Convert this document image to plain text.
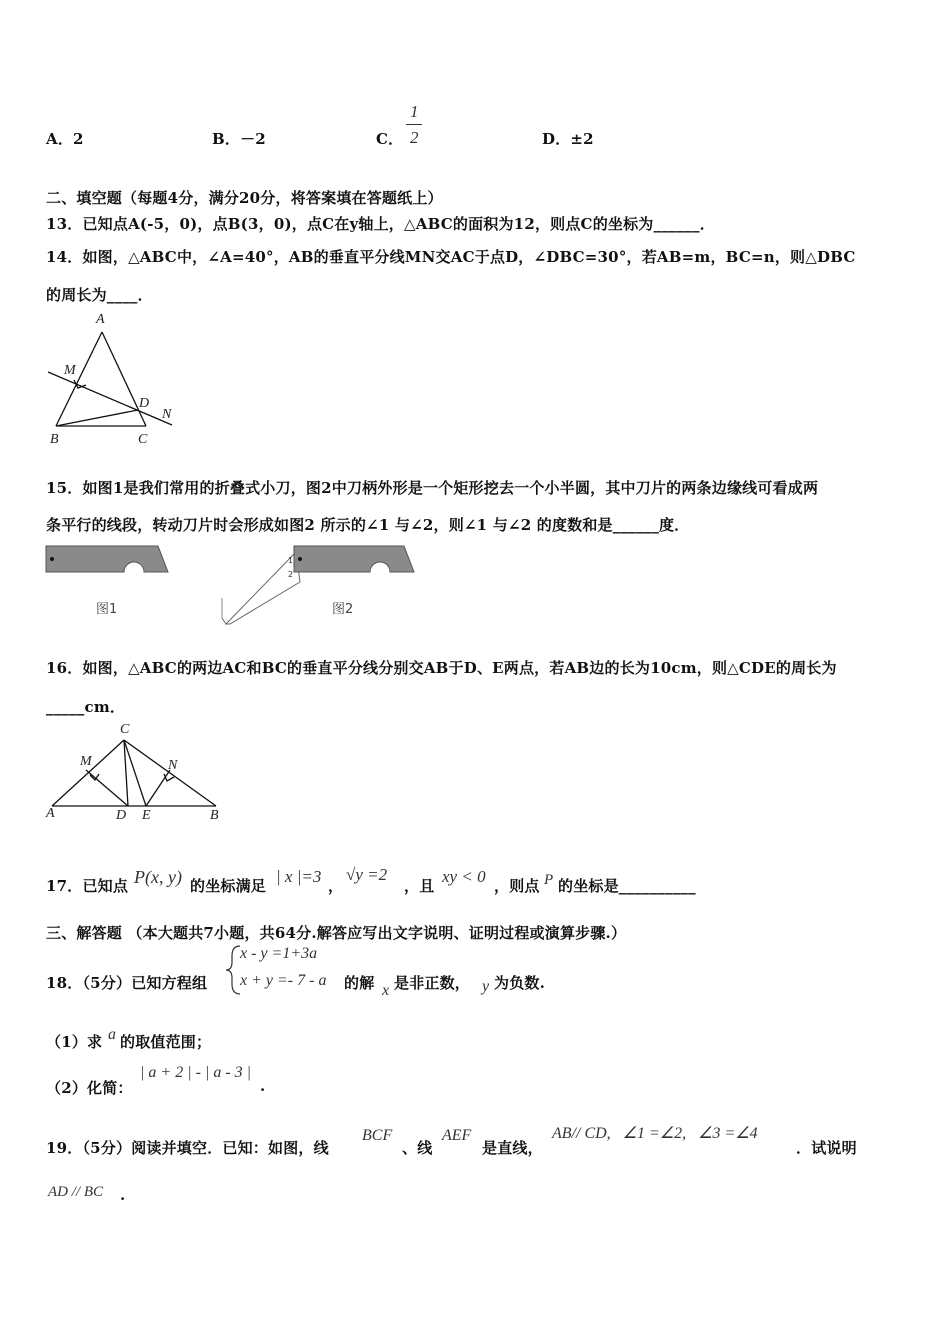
A．2	B．－2	C．
1
2	D．±2
二、填空题（每题4分，满分20分，将答案填在答题纸上）
13．已知点A(-5，0)，点B(3，0)，点C在y轴上，△ABC的面积为12，则点C的坐标为______．
14．如图，△ABC中，∠A=40°，AB的垂直平分线MN交AC于点D，∠DBC=30°，若AB=m，BC=n，则△DBC
的周长为____．
A
M
D
N
B	C
15．如图1是我们常用的折叠式小刀，图2中刀柄外形是一个矩形挖去一个小半圆，其中刀片的两条边缘线可看成两
条平行的线段，转动刀片时会形成如图2 所示的∠1 与∠2，则∠1 与∠2 的度数和是______度．
图1	图2
1
2
16．如图，△ABC的两边AC和BC的垂直平分线分别交AB于D、E两点，若AB边的长为10cm，则△CDE的周长为
_____cm．
C
M	N
A	D E	B
17．已知点 P(x, y) 的坐标满足 | x |=3 ，
√y =2
，且 xy < 0 ，则点 P 的坐标是__________
三、解答题 （本大题共7小题，共64分.解答应写出文字说明、证明过程或演算步骤.）
18．（5分）已知方程组
x - y =1+3a
x + y =- 7 - a 的解 x 是非正数， y 为负数.
（1）求 a 的取值范围；
（2）化简：
| a + 2 | - | a - 3 |
.
19．（5分）阅读并填空．已知：如图，线
BCF
、线
AEF
是直线，
AB// CD,   ∠1 =∠2,   ∠3 =∠4
．试说明
AD // BC .
